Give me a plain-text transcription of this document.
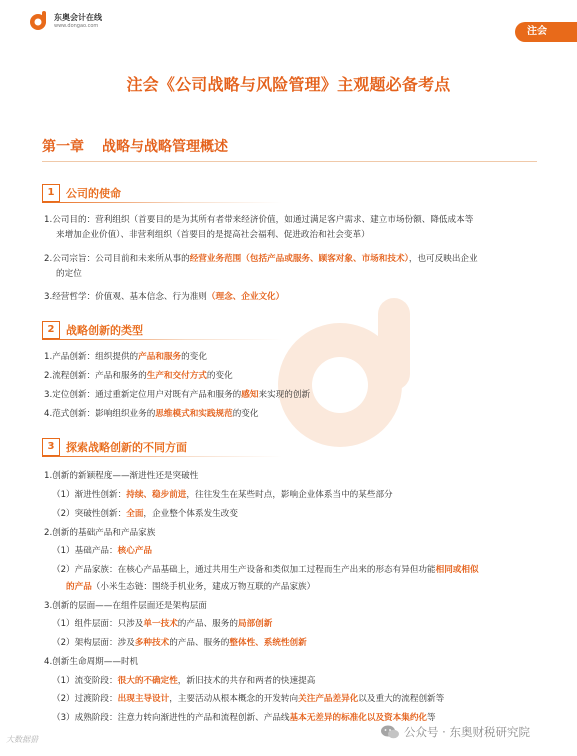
东奥会计在线
www.dongao.com
注会
注会《公司战略与风险管理》主观题必备考点
第一章 战略与战略管理概述
1	公司的使命
2	战略创新的类型
3	探索战略创新的不同方面
1.公司目的：营利组织（首要目的是为其所有者带来经济价值，如通过满足客户需求、建立市场份额、降低成本等
来增加企业价值）、非营利组织（首要目的是提高社会福利、促进政治和社会变革）
2.公司宗旨：公司目前和未来所从事的经营业务范围（包括产品或服务、顾客对象、市场和技术），也可反映出企业
的定位
3.经营哲学：价值观、基本信念、行为准则（理念、企业文化）
1.产品创新：组织提供的产品和服务的变化
2.流程创新：产品和服务的生产和交付方式的变化
3.定位创新：通过重新定位用户对既有产品和服务的感知来实现的创新
4.范式创新：影响组织业务的思维模式和实践规范的变化
1.创新的新颖程度——渐进性还是突破性
（1）渐进性创新：持续、稳步前进，往往发生在某些时点，影响企业体系当中的某些部分
（2）突破性创新：全面，企业整个体系发生改变
2.创新的基础产品和产品家族
（1）基础产品：核心产品
（2）产品家族：在核心产品基础上，通过共用生产设备和类似加工过程而生产出来的形态有异但功能相同或相似
的产品（小米生态链：围绕手机业务，建成万物互联的产品家族）
3.创新的层面——在组件层面还是架构层面
（1）组件层面：只涉及单一技术的产品、服务的局部创新
（2）架构层面：涉及多种技术的产品、服务的整体性、系统性创新
4.创新生命周期——时机
（1）流变阶段：很大的不确定性，新旧技术的共存和两者的快速提高
（2）过渡阶段：出现主导设计，主要活动从根本概念的开发转向关注产品差异化以及重大的流程创新等
（3）成熟阶段：注意力转向渐进性的产品和流程创新、产品线基本无差异的标准化以及资本集约化等
大数据猎
公众号 · 东奥财税研究院
